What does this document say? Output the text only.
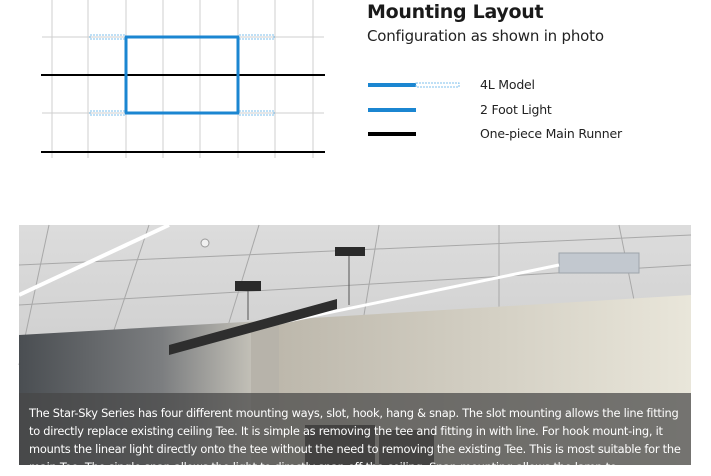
Mounting Layout
Configuration as shown in photo
4L Model
2 Foot Light
One-piece Main Runner

The Star-Sky Series has four different mounting ways, slot, hook, hang & snap. The slot mounting allows the line fitting to directly replace existing ceiling Tee. It is simple as removing the tee and fitting in with line. For hook mount-ing, it mounts the linear light directly onto the tee without the need to removing the existing Tee. This is most suitable for the main Tee. The single snap allows the light to directly snap off the ceiling. Snap mounting allows the lamp to
